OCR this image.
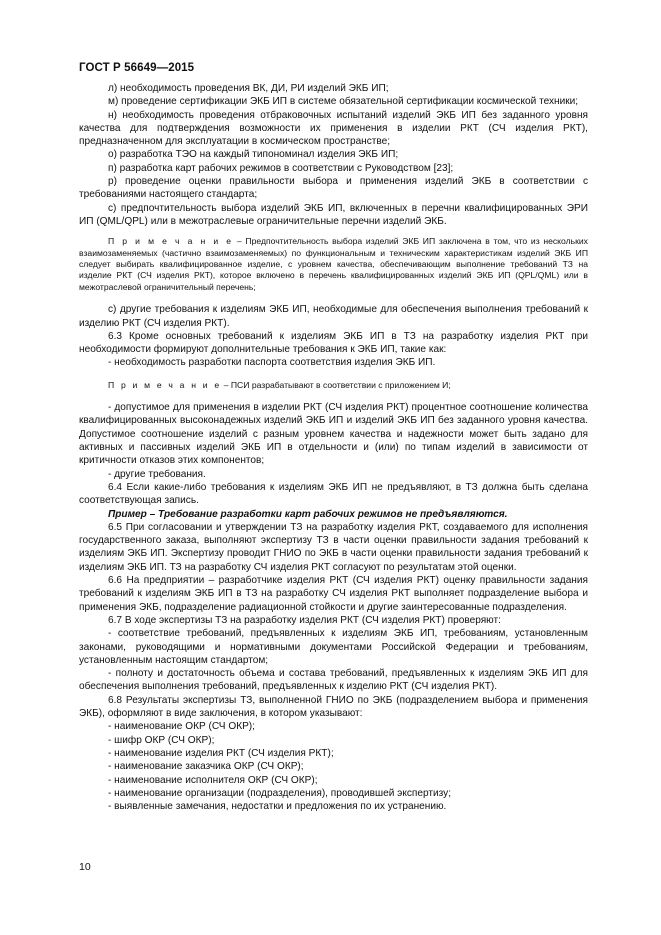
ГОСТ Р 56649—2015

л) необходимость проведения ВК, ДИ, РИ изделий ЭКБ ИП;

м) проведение сертификации ЭКБ ИП в системе обязательной сертификации космической техники;

н) необходимость проведения отбраковочных испытаний изделий ЭКБ ИП без заданного уровня качества для подтверждения возможности их применения в изделии РКТ (СЧ изделия РКТ), предназначенном для эксплуатации в космическом пространстве;

о) разработка ТЭО на каждый типономинал изделия ЭКБ ИП;

п) разработка карт рабочих режимов в соответствии с Руководством [23];

р) проведение оценки правильности выбора и применения изделий ЭКБ в соответствии с требованиями настоящего стандарта;

с) предпочтительность выбора изделий ЭКБ ИП, включенных в перечни квалифицированных ЭРИ ИП (QML/QPL) или в межотраслевые ограничительные перечни изделий ЭКБ.

П р и м е ч а н и е – Предпочтительность выбора изделий ЭКБ ИП заключена в том, что из нескольких взаимозаменяемых (частично взаимозаменяемых) по функциональным и техническим характеристикам изделий ЭКБ ИП следует выбирать квалифицированное изделие, с уровнем качества, обеспечивающим выполнение требований ТЗ на изделие РКТ (СЧ изделия РКТ), которое включено в перечень квалифицированных изделий ЭКБ ИП (QPL/QML) или в межотраслевой ограничительный перечень;

с) другие требования к изделиям ЭКБ ИП, необходимые для обеспечения выполнения требований к изделию РКТ (СЧ изделия РКТ).

6.3 Кроме основных требований к изделиям ЭКБ ИП в ТЗ на разработку изделия РКТ при необходимости формируют дополнительные требования к ЭКБ ИП, такие как:

- необходимость разработки паспорта соответствия изделия ЭКБ ИП.

П р и м е ч а н и е – ПСИ разрабатывают в соответствии с приложением И;

- допустимое для применения в изделии РКТ (СЧ изделия РКТ) процентное соотношение количества квалифицированных высоконадежных изделий ЭКБ ИП и изделий ЭКБ ИП без заданного уровня качества. Допустимое соотношение изделий с разным уровнем качества и надежности может быть задано для активных и пассивных изделий ЭКБ ИП в отдельности и (или) по типам изделий в зависимости от критичности отказов этих компонентов;

- другие требования.

6.4 Если какие-либо требования к изделиям ЭКБ ИП не предъявляют, в ТЗ должна быть сделана соответствующая запись.

Пример – Требование разработки карт рабочих режимов не предъявляются.

6.5 При согласовании и утверждении ТЗ на разработку изделия РКТ, создаваемого для исполнения государственного заказа, выполняют экспертизу ТЗ в части оценки правильности задания требований к изделиям ЭКБ ИП. Экспертизу проводит ГНИО по ЭКБ в части оценки правильности задания требований к изделиям ЭКБ ИП. ТЗ на разработку СЧ изделия РКТ согласуют по результатам этой оценки.

6.6 На предприятии – разработчике изделия РКТ (СЧ изделия РКТ) оценку правильности задания требований к изделиям ЭКБ ИП в ТЗ на разработку СЧ изделия РКТ выполняет подразделение выбора и применения ЭКБ, подразделение радиационной стойкости и другие заинтересованные подразделения.

6.7 В ходе экспертизы ТЗ на разработку изделия РКТ (СЧ изделия РКТ) проверяют:

- соответствие требований, предъявленных к изделиям ЭКБ ИП, требованиям, установленным законами, руководящими и нормативными документами Российской Федерации и требованиям, установленным настоящим стандартом;

- полноту и достаточность объема и состава требований, предъявленных к изделиям ЭКБ ИП для обеспечения выполнения требований, предъявленных к изделию РКТ (СЧ изделия РКТ).

6.8 Результаты экспертизы ТЗ, выполненной ГНИО по ЭКБ (подразделением выбора и применения ЭКБ), оформляют в виде заключения, в котором указывают:

- наименование ОКР (СЧ ОКР);

- шифр ОКР (СЧ ОКР);

- наименование изделия РКТ (СЧ изделия РКТ);

- наименование заказчика ОКР (СЧ ОКР);

- наименование исполнителя ОКР (СЧ ОКР);

- наименование организации (подразделения), проводившей экспертизу;

- выявленные замечания, недостатки и предложения по их устранению.

10
